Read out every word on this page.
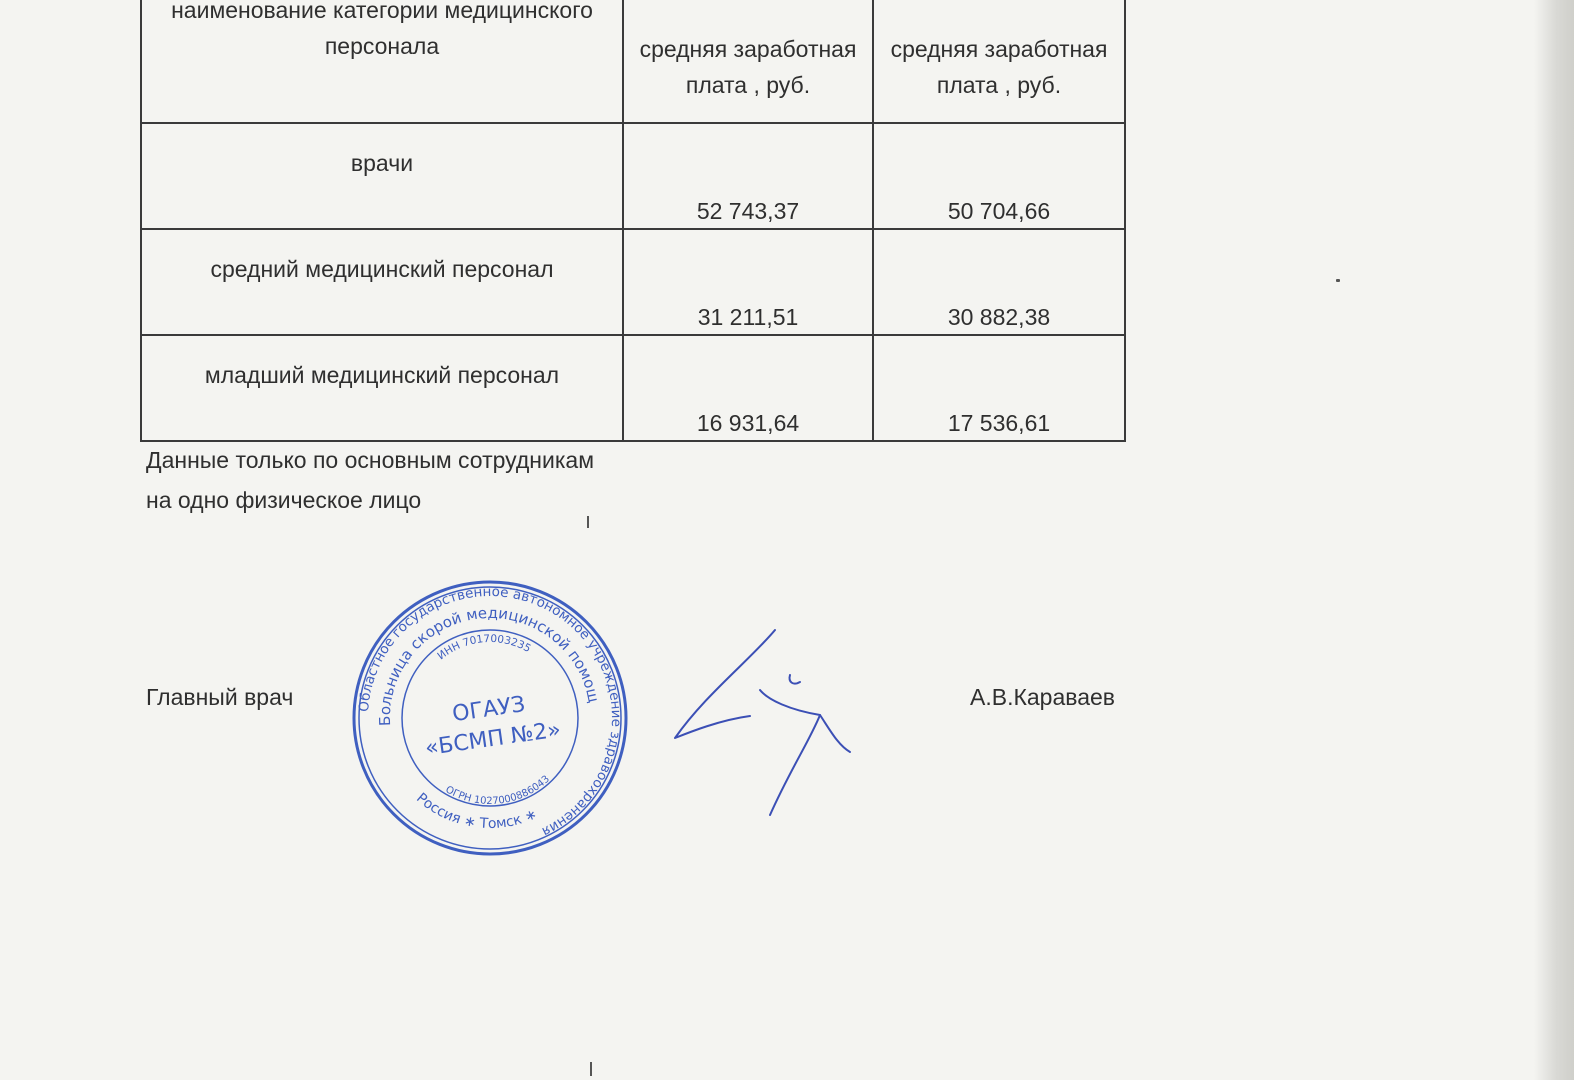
наименование категории медицинского персонала	средняя заработная плата , руб.	средняя заработная плата , руб.
врачи	52 743,37	50 704,66
средний медицинский персонал	31 211,51	30 882,38
младший медицинский персонал	16 931,64	17 536,61
Данные только по основным сотрудникам
на одно физическое лицо
Главный врач	А.В.Караваев
Областное государственное автономное учреждение здравоохранения
Больница скорой медицинской помощи
ИНН 7017003235
ОГРН 1027000886043
Россия ∗ Томск ∗
ОГАУЗ
«БСМП №2»
